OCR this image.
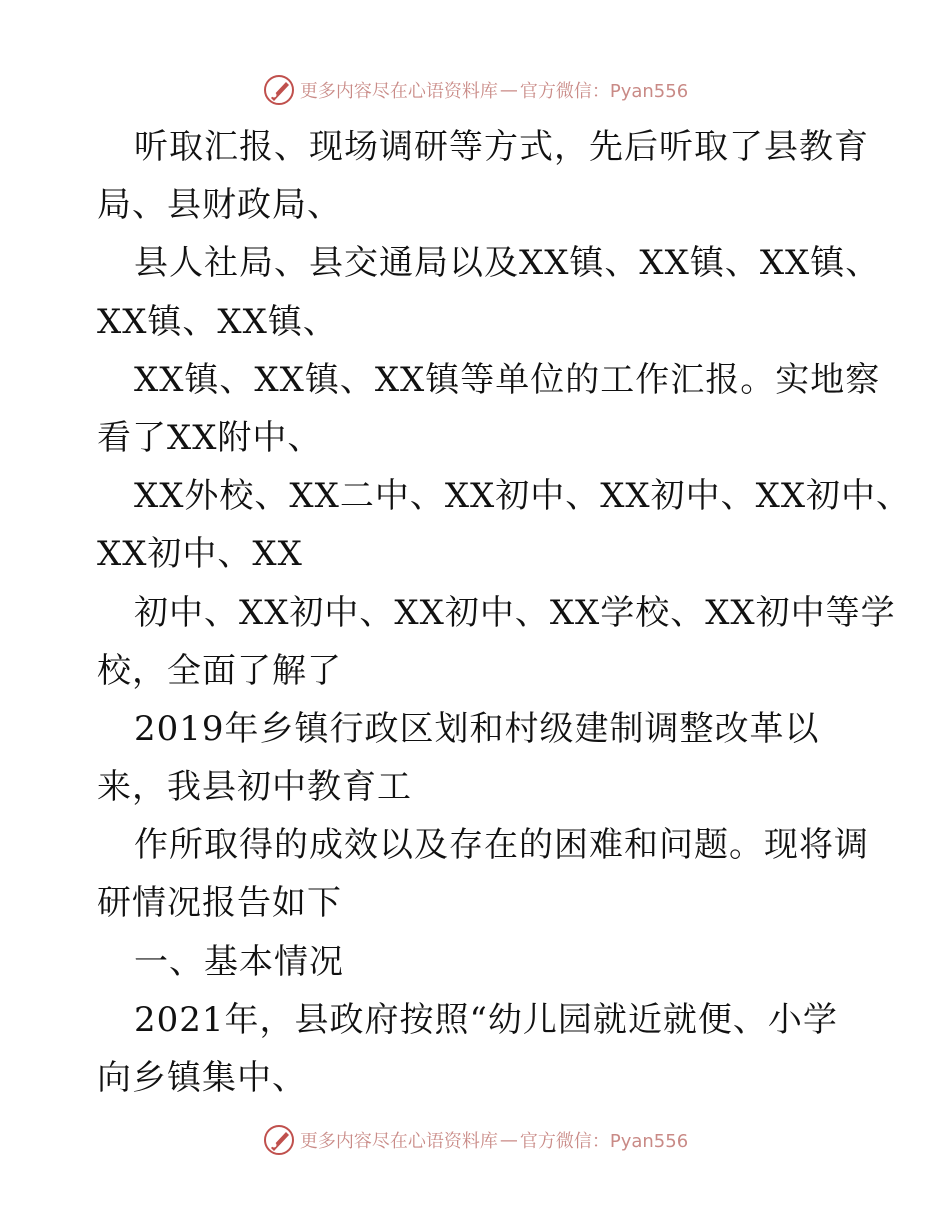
更多内容尽在心语资料库 — 官方微信：Pyan556
听取汇报、现场调研等方式，先后听取了县教育
局、县财政局、
县人社局、县交通局以及XX镇、XX镇、XX镇、
XX镇、XX镇、
XX镇、XX镇、XX镇等单位的工作汇报。实地察
看了XX附中、
XX外校、XX二中、XX初中、XX初中、XX初中、
XX初中、XX
初中、XX初中、XX初中、XX学校、XX初中等学
校，全面了解了
2019年乡镇行政区划和村级建制调整改革以
来，我县初中教育工
作所取得的成效以及存在的困难和问题。现将调
研情况报告如下
一、基本情况
2021年，县政府按照“幼儿园就近就便、小学
向乡镇集中、
更多内容尽在心语资料库 — 官方微信：Pyan556
